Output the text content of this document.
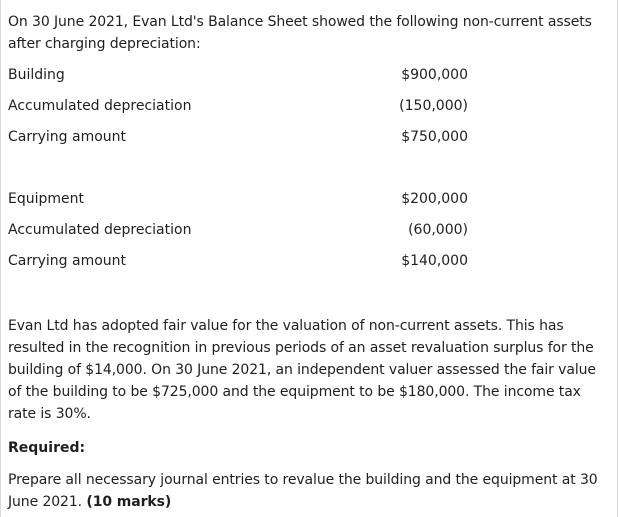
On 30 June 2021, Evan Ltd's Balance Sheet showed the following non-current assets after charging depreciation:

Building	$900,000
Accumulated depreciation	(150,000)
Carrying amount	$750,000
Equipment	$200,000
Accumulated depreciation	(60,000)
Carrying amount	$140,000

Evan Ltd has adopted fair value for the valuation of non-current assets. This has resulted in the recognition in previous periods of an asset revaluation surplus for the building of $14,000. On 30 June 2021, an independent valuer assessed the fair value of the building to be $725,000 and the equipment to be $180,000. The income tax rate is 30%.

Required:

Prepare all necessary journal entries to revalue the building and the equipment at 30 June 2021. (10 marks)
